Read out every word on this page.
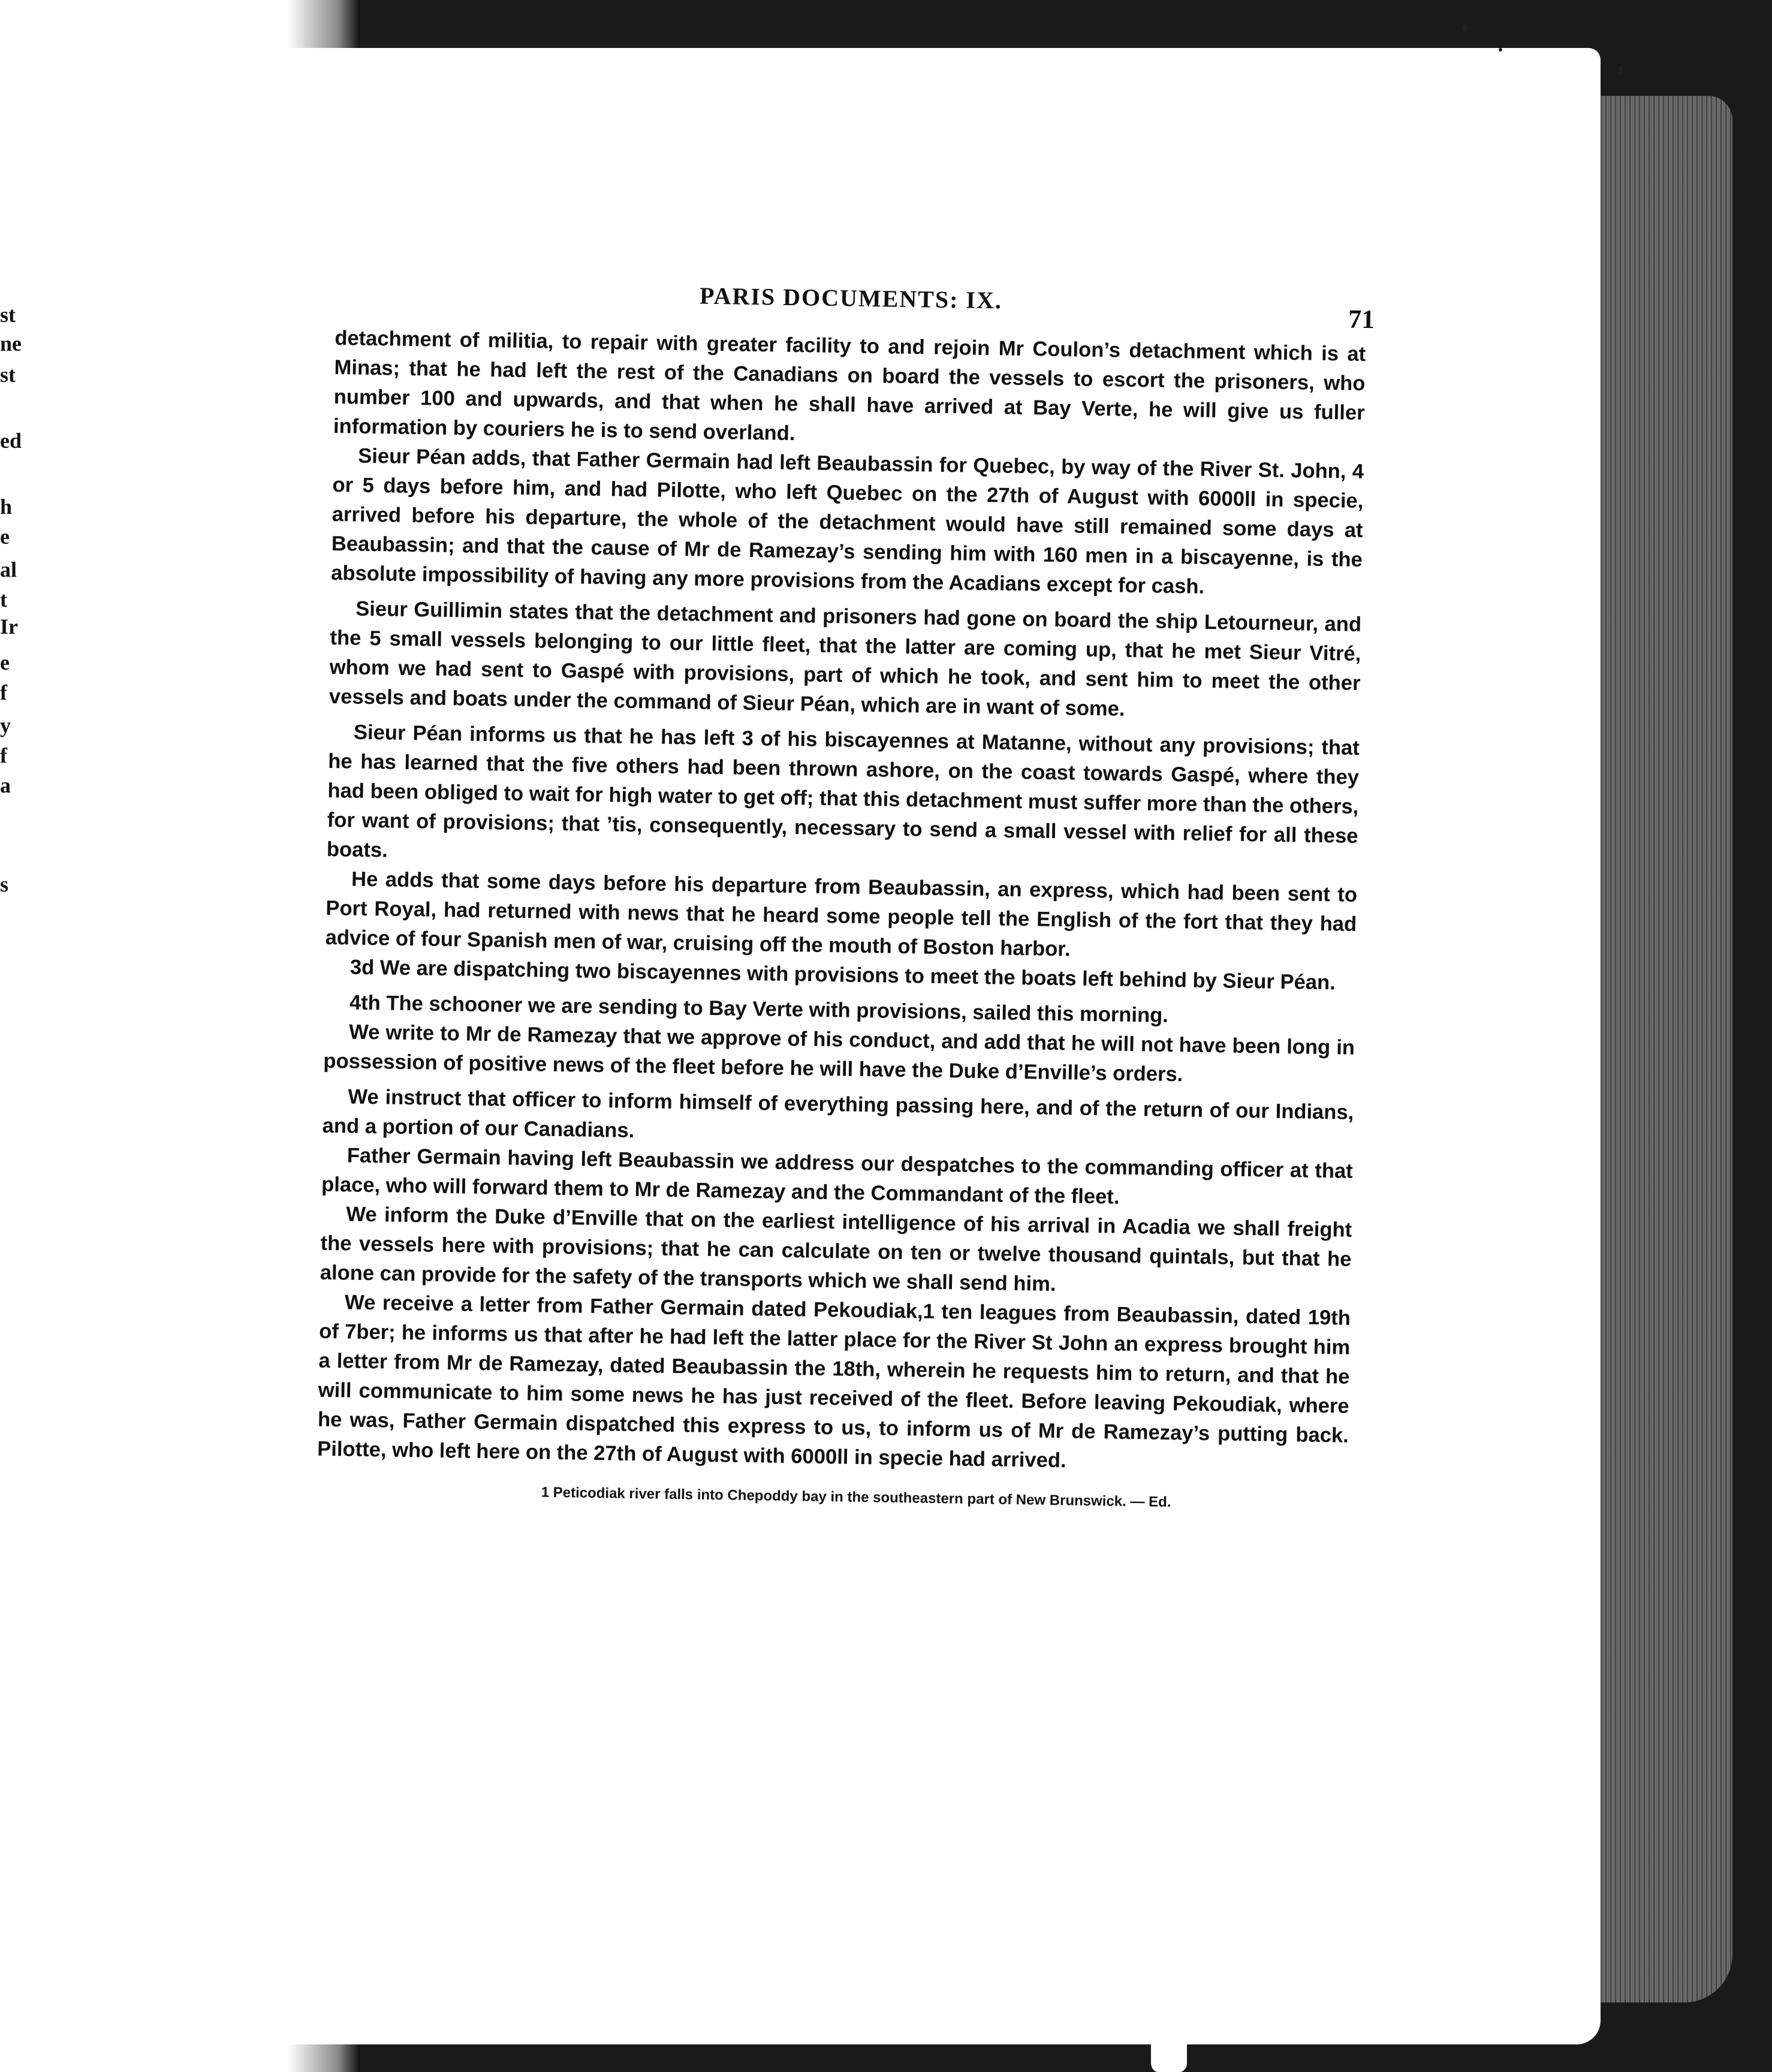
st
ne
st
ed
h
e
al
t
Ir
e
f
y
f
a
s
PARIS DOCUMENTS: IX.
71

detachment of militia, to repair with greater facility to and rejoin Mr Coulon’s detachment which is at Minas; that he had left the rest of the Canadians on board the vessels to escort the prisoners, who number 100 and upwards, and that when he shall have arrived at Bay Verte, he will give us fuller information by couriers he is to send overland.

Sieur Péan adds, that Father Germain had left Beaubassin for Quebec, by way of the River St. John, 4 or 5 days before him, and had Pilotte, who left Quebec on the 27th of August with 6000ll in specie, arrived before his departure, the whole of the detachment would have still remained some days at Beaubassin; and that the cause of Mr de Ramezay’s sending him with 160 men in a biscayenne, is the absolute impossibility of having any more provisions from the Acadians except for cash.

Sieur Guillimin states that the detachment and prisoners had gone on board the ship Letourneur, and the 5 small vessels belonging to our little fleet, that the latter are coming up, that he met Sieur Vitré, whom we had sent to Gaspé with provisions, part of which he took, and sent him to meet the other vessels and boats under the command of Sieur Péan, which are in want of some.

Sieur Péan informs us that he has left 3 of his biscayennes at Matanne, without any provisions; that he has learned that the five others had been thrown ashore, on the coast towards Gaspé, where they had been obliged to wait for high water to get off; that this detachment must suffer more than the others, for want of provisions; that ’tis, consequently, necessary to send a small vessel with relief for all these boats.

He adds that some days before his departure from Beaubassin, an express, which had been sent to Port Royal, had returned with news that he heard some people tell the English of the fort that they had advice of four Spanish men of war, cruising off the mouth of Boston harbor.

3d We are dispatching two biscayennes with provisions to meet the boats left behind by Sieur Péan.

4th The schooner we are sending to Bay Verte with provisions, sailed this morning.

We write to Mr de Ramezay that we approve of his conduct, and add that he will not have been long in possession of positive news of the fleet before he will have the Duke d’Enville’s orders.

We instruct that officer to inform himself of everything passing here, and of the return of our Indians, and a portion of our Canadians.

Father Germain having left Beaubassin we address our despatches to the commanding officer at that place, who will forward them to Mr de Ramezay and the Commandant of the fleet.

We inform the Duke d’Enville that on the earliest intelligence of his arrival in Acadia we shall freight the vessels here with provisions; that he can calculate on ten or twelve thousand quintals, but that he alone can provide for the safety of the transports which we shall send him.

We receive a letter from Father Germain dated Pekoudiak,1 ten leagues from Beaubassin, dated 19th of 7ber; he informs us that after he had left the latter place for the River St John an express brought him a letter from Mr de Ramezay, dated Beaubassin the 18th, wherein he requests him to return, and that he will communicate to him some news he has just received of the fleet. Before leaving Pekoudiak, where he was, Father Germain dispatched this express to us, to inform us of Mr de Ramezay’s putting back. Pilotte, who left here on the 27th of August with 6000ll in specie had arrived.

1 Peticodiak river falls into Chepoddy bay in the southeastern part of New Brunswick. — Ed.
